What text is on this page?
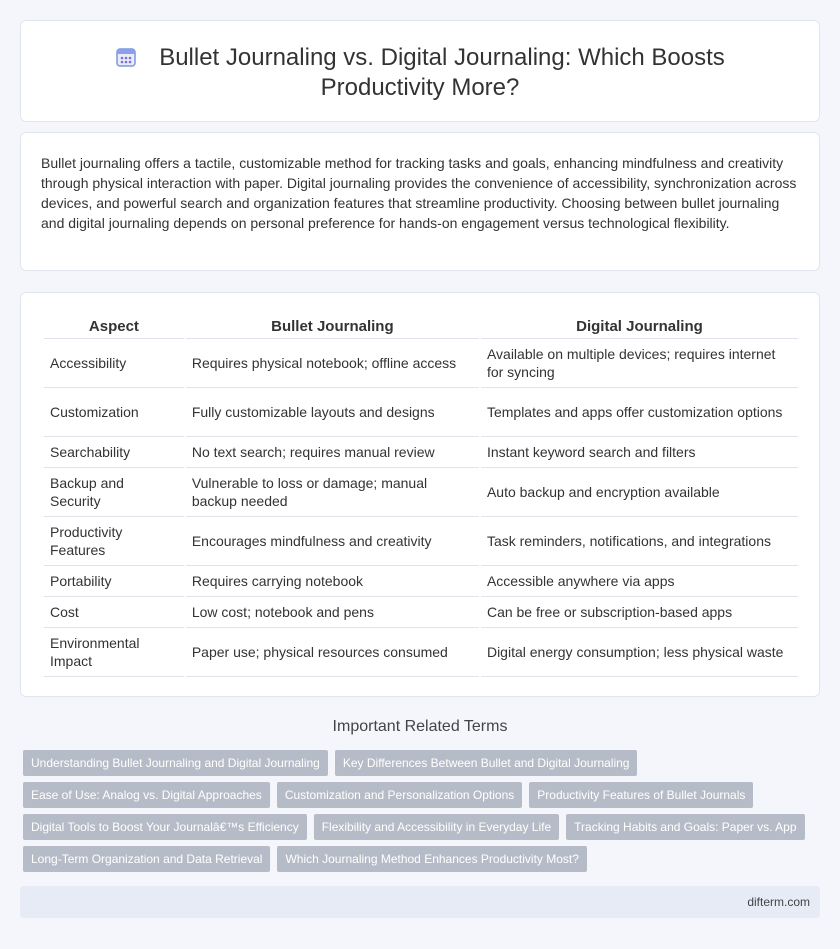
Bullet Journaling vs. Digital Journaling: Which Boosts Productivity More?

Bullet journaling offers a tactile, customizable method for tracking tasks and goals, enhancing mindfulness and creativity through physical interaction with paper. Digital journaling provides the convenience of accessibility, synchronization across devices, and powerful search and organization features that streamline productivity. Choosing between bullet journaling and digital journaling depends on personal preference for hands-on engagement versus technological flexibility.

Aspect	Bullet Journaling	Digital Journaling
Accessibility	Requires physical notebook; offline access	Available on multiple devices; requires internet for syncing
Customization	Fully customizable layouts and designs	Templates and apps offer customization options
Searchability	No text search; requires manual review	Instant keyword search and filters
Backup and Security	Vulnerable to loss or damage; manual backup needed	Auto backup and encryption available
Productivity Features	Encourages mindfulness and creativity	Task reminders, notifications, and integrations
Portability	Requires carrying notebook	Accessible anywhere via apps
Cost	Low cost; notebook and pens	Can be free or subscription-based apps
Environmental Impact	Paper use; physical resources consumed	Digital energy consumption; less physical waste
Important Related Terms
Understanding Bullet Journaling and Digital Journaling	Key Differences Between Bullet and Digital Journaling
Ease of Use: Analog vs. Digital Approaches	Customization and Personalization Options	Productivity Features of Bullet Journals
Digital Tools to Boost Your Journalâ€™s Efficiency	Flexibility and Accessibility in Everyday Life	Tracking Habits and Goals: Paper vs. App
Long-Term Organization and Data Retrieval	Which Journaling Method Enhances Productivity Most?
difterm.com
